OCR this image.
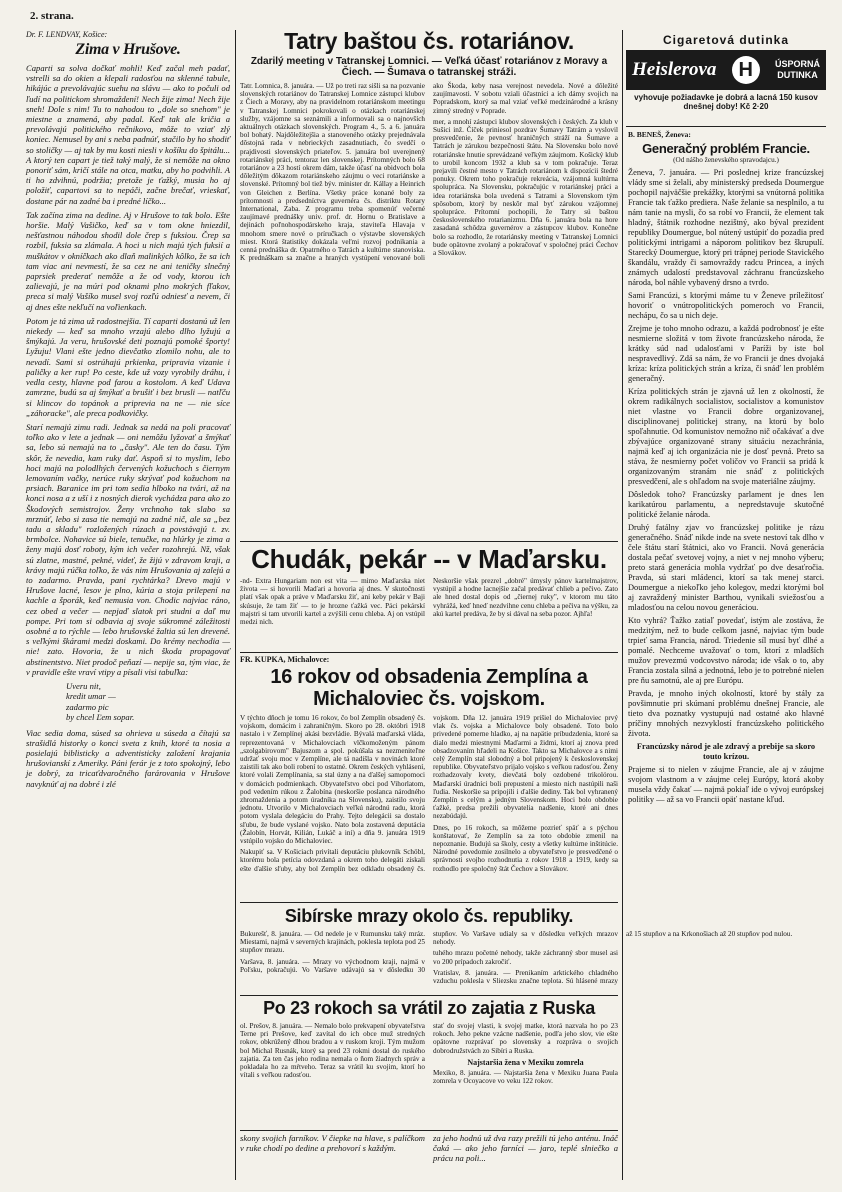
2. strana.

Dr. F. LENDVAY, Košice:

Zima v Hrušove.

Caparti sa solva dočkať mohli! Keď začal meh padať, vstrelli sa do okien a klepali radosťou na sklenné tabule, hikájúc a prevolávajúc suehu na slávu — ako to počuli od ľudí na politickom shromaždení! Nech žije zima! Nech žije sneh! Dole s nim! Tu to nahodou to „dole so snehom" je miestne a znamená, aby padal. Keď tak ale kričia a prevolávajú politického rečnikovo, môže to vziať zlý koniec. Nemusel by ani s neba padnúť, stačilo by ho shodiť so stoličky — aj tak by mu kosti niesli v košíku do špitálu... A ktorý ten capart je tiež taký malý, že si nemôže na okno ponoriť sám, kričí stále na otca, matku, aby ho podvihli. A ti ho zdvihnú, podržia; pretože je ťažký, musia ho aj položiť, capartovi sa to nepáči, začne brečať, vrieskať, dostane pár na zadné ba i predné líčko...

Tak začína zima na dedine. Aj v Hrušove to tak bolo. Ešte horšie. Malý Vašičko, keď sa v tom okne hniezdil, nešťastnou náhodou shodil dole črep s fuksiou. Črep sa rozbil, fuksia sa zlámala. A hoci u nich majú tých fuksií a muškátov v okníčkach ako dlaň malinkých kôlko, že sa ich tam viac ani nevmestí, že sa cez ne ani teničky slnečný paprsiek prederať nemôže a že od vody, ktorou ich zalievajú, je na múri pod oknami plno mokrých fľakov, preca si malý Vašíko musel svoj rozľú odniesť a nevem, či aj dnes ešte nekľučí na voľienkach.

Potom je tá zima už radostnejšia. Tí caparti dostanú už len niekedy — keď sa mnoho vrzajú alebo dlho lyžujú a šmýkajú. Ja veru, hrušovské deti poznajú pomoké športy! Lyžuju! Vlani ešte jedno dievčatko zlomilo nohu, ale to nevadí. Sami si ostrúhajú prkienka, pripravia vizanie i paličky a ker rup! Po ceste, kde už vozy vyrobily dráhu, i vedla cesty, hlavne pod farou a kostolom. A keď Udava zamrzne, budú sa aj šmýkať a brušiť i bez brusli — natľču si klincov do topánok a priprevia na ne — nie síce „záhoracke", ale preca podkovičky.

Starí nemajú zimu radi. Jednak sa nedá na poli pracovať toľko ako v lete a jednak — oni nemôžu lyžovať a šmýkať sa, lebo sú nemajú na to „časky". Ale ten do času. Tým skôr, že nevedia, kam ruky dať. Aspoň si to myslim, lebo hoci majú na polodlhých červených kožuchoch s čiernym lemovaním vačky, nerúce ruky skrývať pod kožuchom na prsiach. Baranice im pri tom sedia hlboko na tvári, až na konci nosa a z uší i z nosných dierok vychádza para ako zo Škodových semistrojov. Ženy vrchnoho tak slabo sa mrznúť, lebo si zasa tie nemajú na zadné nič, ale sa „bez tadu a skladu" rozložených rúzach a povstávajú t. zv. brmbolce. Nohavice sú biele, tenučke, na hlúrky je zima a ženy majú dosť roboty, kým ich večer rozohrejú. Nž, však sú zlatne, mastné, pekné, videť, že žijú v zdravom kraji, a krávy majú rúčka toľko, že vás nim Hrušovania aj zalejú a to zadarmo. Pravda, pani rychtárka? Drevo majú v Hrušove lacné, lesov je plno, kúria a stoja prilepení na kachle a šporák, keď nemusia von. Chodic najviac ráno, cez obed a večer — nepjaď slatok pri studni a daľ mu pompe. Pri tom si odbavia aj svoje súkromné záležitosti osobné a to rýchle — lebo hrušovské žaltia sú len drevené. s veľkými škárami medzi doskami. Do krémy nechodia — nie! zato. Hovoria, že u nich škoda propagovať abstinentstvo. Niet prodoč peňazí — nepije sa, tým viac, že v pravidle ešte vraví vtipy a písali visi tabuľka:

Uveru nit,
kredit umar —
zadarmo pic
by chcel Ľem sopar.

Viac sedia doma, súsed sa ohrieva u súseda a čítajú sa strašidlá historky o konci sveta z knih, ktoré ta nosia a posielajú biblisticky a adventisticky založení krajania hrušovianskí z Ameriky. Páni ferár je z toto spokojný, lebo je dobrý, za tricaťdvaročného farárovania v Hrušove navyknúť aj na dobré i zlé

Tatry baštou čs. rotariánov.
Zdarilý meeting v Tatranskej Lomnici. — Veľká účasť rotariánov z Moravy a Čiech. — Šumava o tatranskej stráži.

Tatr. Lomnica, 8. januára. — Už po treti raz sišli sa na pozvanie slovenských rotariánov do Tatranskej Lomnice zástupci klubov z Čiech a Moravy, aby na pravidelnom rotariánskom meetingu v Tatranskej Lomnici pokrokovali o otázkach rotariánskej služby, vzájomne sa seznámili a informovali sa o najnovších aktuálnych otázkach slovenských. Program 4., 5. a 6. januára bol bohatý. Najdôležitejšia a stanoveného otázky prejednávala dôstojná rada v nebrieckých zasadnutiach, čo svedčí o prajdivosti slovenských priateľov. 5. januára bol uverejnený rotariánskej práci, tentoraz len slovenskej. Prítomných bolo 68 rotariánov a 23 hostí okrem dám, takže účasť na obidvoch bola dôležitým dôkazom rotariánskeho záujmu o veci rotariánske a slovenské. Prítomný bol tiež býv. minister dr. Kállay a Heinrich von Gleichen z Berlína. Všetky práce konané boly za prítomnosti a predsedníctva guvernéra čs. distriktu Rotary International, Zaba. Z programu treba spomenúť večerné zaujímavé prednášky univ. prof. dr. Hornu o Bratislave a dejinách poľnohospodárskeho kraja, staviteľa Hlavaja v mnohom smere nové o príručkach o výstavbe slovenských miest. Ktorá štatistiky dokázala veľmi rozvoj podnikania a cenná prednáška dr. Opatrného o Tatrách a kultúrne stanoviska. K prednáškam sa značne a hraných vystúpení venované boli ako Škoda, keby nasa verejnost nevedela. Nové a dôležité zaujímavosti. V sobotu vziali účastníci a ich dámy svojich na Popradskom, ktorý sa mal vziať veľké medzinárodné a krásny zimný stredný v Poprade.

mer, a mnohí zástupci klubov slovenských i českých. Za klub v Sušici inž. Číček priniesol pozdrav Šumavy Tatrám a vyslovil presvedčenie, že pevnosť hraničných stráží na Šumave a Tatrách je zárukou bezpečnosti štátu. Na Slovensku bolo nové rotariánske hnutie sprevádzané veľkým záujmom. Košický klub to urobil koncom 1932 a klub sa v tom pokračuje. Teraz prejavili čestné mesto v Tatrách rotariánom k dispozícii štedré ponuky. Okrem toho pokračuje rekreácia, vzájomná kultúrna spolupráca. Na Slovensku, pokračujúc v rotariánskej práci a idea rotariánska bola uvedená s Tatrami a Slovenskom tým spôsobom, ktorý by neskôr mal byť zárukou vzájomnej spolupráce. Prítomní pochopili, že Tatry sú baštou československého rotarianizmu. Dňa 6. januára bola na hore zasadaná schôdza guvernérov a zástupcov klubov. Konečne bolo sa rozhodlo, že rotariánsky meeting v Tatranskej Lomnici bude opätovne zvolaný a pokračovať v spoločnej práci Čechov a Slovákov.

Chudák, pekár -- v Maďarsku.

-nd- Extra Hungariam non est vita — mimo Maďarska niet života — si hovorili Maďari a hovoria aj dnes. V skutočnosti platí však opak a práve v Maďarsku žiť, ani keby pekár v Baji skúsuje, že tam žiť — to je hrozne ťažká vec. Páci pekárskí majstri si tam utvorili kartel a zvýšili cenu chleba. Aj on vstúpil medzi nich.

Neskoršie však prezrel „dobré" úmysly pánov kartelmajstrov, vystúpil a hodne lacnejšie začal predávať chlieb a pečivo. Zato ale hned dostal dopis od „čiernej ruky", v ktorom mu táto vyhrážá, keď hneď nezdvihne cenu chleba a pečiva na výšku, za akú kartel predáva, že by si dával na seba pozor. Ajhľa!

FR. KUPKA, Michalovce:

16 rokov od obsadenia Zemplína a Michaloviec čs. vojskom.

V týchto dňoch je tomu 16 rokov, čo bol Zemplín obsadený čs. vojskom, domácim i zahraničným. Skoro po 28. októbri 1918 nastalo i v Zemplínej akási bezvládie. Bývalá maďarská vláda, reprezentovaná v Michalovciach vlčkomoženým pánom „szolgabirovom" Bajuszom a spol. pokúšala sa nezmeniteľne udržať svoju moc v Zemplíne, ale tá nadišla v novinách ktoré zaistili tak ako boli robení to ostatné. Okrem českých vyhlásení, ktoré volali Zemplínania, sa stal úzny a na ďalšej samopomoci v domácich podmienkach. Obyvateľstvo obci pod Vihorlatom, pod vedením rúkou z Žalobína (neskoršie poslanca národného zhromaždenia a potom úradníka na Slovensku), zaistilo svoju jednotu. Utvorilo v Michalovciach veľkú národnú radu, ktorá potom vyslala delegáciu do Prahy. Tejto delegácii sa dostalo sľubu, že bude vyslané vojsko. Nato bola zostavená deputácia (Žalobín, Horvát, Kilián, Lukáč a iní) a dňa 9. januára 1919 vstúpilo vojsko do Michaloviec.

Nakupiť sa. V Košiciach privítali deputáciu plukovník Schöbl, ktorému bola petícia odovzdaná a okrem toho delegáti získali ešte ďalšie sľuby, aby bol Zemplín bez odkladu obsadený čs. vojskom. Dňa 12. januára 1919 prišiel do Michaloviec prvý vlak čs. vojska a Michalovce boly obsadené. Toto bolo privedené pomerne hladko, aj na napätie príbudzdenia, ktoré sa dialo medzi miestnymi Maďarmi a židmi, ktorí aj znova pred obsadzovaním hľadeli na Košice. Takto sa Michalovce a s nimi celý Zemplín stal slobodný a bol pripojený k československej republike. Obyvateľstvo prijalo vojsko s veľkou radosťou. Ženy rozhadzovaly kvety, dievčatá boly ozdobené trikolórou. Maďarskí úradníci boli prepustení a miesto nich nastúpili naši ľudia. Neskoršie sa pripojili i ďalšie dediny. Tak bol vyhranený Zemplín s celým a jedným Slovenskom. Hoci bolo obdobie ťažké, predsa prežili obyvatelia nadšenie, ktoré ani dnes nezabúdajú.

Dnes, po 16 rokoch, sa môžeme pozrieť späť a s pýchou konštatovať, že Zemplín sa za toto obdobie zmenil na nepoznanie. Budujú sa školy, cesty a všetky kultúrne inštitúcie. Národné povedomie zosilnelo a obyvateľstvo je presvedčené o správnosti svojho rozhodnutia z rokov 1918 a 1919, kedy sa rozhodlo pre spoločný štát Čechov a Slovákov.

Sibírske mrazy okolo čs. republiky.

Bukurešť, 8. januára. — Od nedele je v Rumunsku taký mráz. Miestami, najmä v severných krajinách, poklesla teplota pod 25 stupňov mrazu.

Varšava, 8. januára. — Mrazy vo východnom kraji, najmä v Poľsku, pokračujú. Vo Varšave udávajú sa v dôsledku 30 stupňov. Vo Varšave udialy sa v dôsledku veľkých mrazov nehody.

tuhého mrazu početné nehody, takže záchranný sbor musel asi vo 200 prípadoch zakročiť.

Vratislav, 8. januára. — Prenikaním arktického chladného vzduchu poklesla v Sliezsku značne teplota. Sú hlásené mrazy až 15 stupňov a na Krkonošiach až 20 stupňov pod nulou.

Po 23 rokoch sa vrátil zo zajatia z Ruska

ol. Prešov, 8. januára. — Nemalo bolo prekvapení obyvateľstva Terne pri Prešove, keď zavítal do ich obce muž stredných rokov, obkrúžený dlhou bradou a v ruskom kroji. Tým mužom bol Michal Rusnák, ktorý sa pred 23 rokmi dostal do ruského zajatia. Za ten čas jeho rodina nemala o ňom žiadnych správ a pokladala ho za mŕtveho. Teraz sa vrátil ku svojim, ktorí ho vítali s veľkou radosťou.

stať do svojej vlasti, k svojej matke, ktorá nazvala ho po 23 rokoch. Jeho pekne vzácne nadšenie, podľa jeho slov, vie ešte opätovne rozprávať po slovensky a rozpráva o svojich dobrodružstvách zo Sibíri a Ruska.

Najstaršia žena v Mexiku zomrela

Mexiko, 8. januára. — Najstaršia žena v Mexiku Juana Paula zomrela v Ocoyacove vo veku 122 rokov.

skony svojich farníkov. V čiepke na hlave, s palíčkom v ruke chodí po dedine a prehovorí s každým.

za jeho hodnú už dva razy prežili tú jeho anténu. Ináč čaká — ako jeho farníci — jaro, teplé slniečko a prácu na poli...

Cigaretová dutinka
Heislerova	H	ÚSPORNÁ
DUTINKA
vyhovuje požiadavke je dobrá a lacná 150 kusov dnešnej doby! Kč 2·20

B. BENEŠ, Ženeva:

Generačný problém Francie.

(Od nášho ženevského spravodajcu.)

Ženeva, 7. januára. — Pri poslednej krize francúzskej vlády sme si želali, aby ministerský predseda Doumergue pochopil najväčšie prekážky, ktorými sa vnútorná politika Francie tak ťažko prediera. Naše želanie sa nesplnilo, a tu nám tanie na mysli, čo sa robí vo Francii, že element tak hladný, štátnik rozhodne nezištný, ako býval prezident republiky Doumergue, bol nútený ustúpiť do pozadia pred politickými intrigami a náporom politikov bez škrupulí. Starecký Doumergue, ktorý pri trápnej periode Stavického škandálu, vraždy či samovraždy radcu Princea, a iných známych udalostí predstavoval záchranu francúzskeho národa, bol náhle vybavený drsno a tvrdo.

Sami Francúzi, s ktorými máme tu v Ženeve príležitosť hovoriť o vnútropolitických pomeroch vo Francii, nechápu, čo sa u nich deje.

Zrejme je toho mnoho odrazu, a každá podrobnosť je ešte nesmierne složitá v tom živote francúzskeho národa, že krátky súd nad udalosťami v Paríži by iste bol nespravedlivý. Zdá sa nám, že vo Francii je dnes dvojaká kríza: kríza politických strán a kríza, či snáď len problém generačný.

Kríza politických strán je zjavná už len z okolností, že okrem radikálnych socialistov, socialistov a komunistov niet vlastne vo Francii dobre organizovanej, disciplinovanej politickej strany, na ktorú by bolo spoľahnutie. Od komunistov nemožno nič očakávať a dve zbývajúce organizované strany situáciu nezachránia, najmä keď aj ich organizácia nie je dosť pevná. Preto sa stáva, že nesmierny počet voličov vo Francii sa pridá k organizovaným stranám nie snáď z politických presvedčení, ale s ohľadom na svoje materiálne záujmy.

Dôsledok toho? Francúzsky parlament je dnes len karikatúrou parlamentu, a nepredstavuje skutočné politické želanie národa.

Druhý fatálny zjav vo francúzskej politike je rázu generačného. Snáď nikde inde na svete nestoví tak dlho v čele štátu starí štátnici, ako vo Francii. Nová generácia dostala pečať svetovej vojny, a niet v nej mnoho výberu; preto stará generácia mohla vydržať po dve desaťročia. Pravda, sú stari mládenci, ktorí sa tak menej starci. Doumergue a niekoľko jeho kolegov, medzi ktorými bol aj zavraždený minister Barthou, vynikali sviežosťou a mladosťou na celou novou generáciou.

Kto vyhrá? Ťažko zatiaľ povedať, istým ale zostáva, že medzitým, než to bude celkom jasné, najviac tým bude trpieť sama Francia, národ. Triedenie síl musí byť dlhé a pomalé. Nechceme uvažovať o tom, ktorí z mladších mužov prevezmú vodcovstvo národa; ide však o to, aby Francia zostala silná a jednotná, lebo je to potrebné nielen pre ňu samotnú, ale aj pre Európu.

Pravda, je mnoho iných okolností, ktoré by stály za povšimnutie pri skúmaní problému dnešnej Francie, ale tieto dva poznatky vystupujú nad ostatné ako hlavné príčiny mnohých nezvyklostí francúzskeho politického života.

Francúzsky národ je ale zdravý a prebije sa skoro touto krízou.

Prajeme si to nielen v záujme Francie, ale aj v záujme svojom vlastnom a v záujme celej Európy, ktorá akoby musela vždy čakať — najmä pokiaľ ide o vývoj európskej politiky — až sa vo Francii opäť nastane kľud.
